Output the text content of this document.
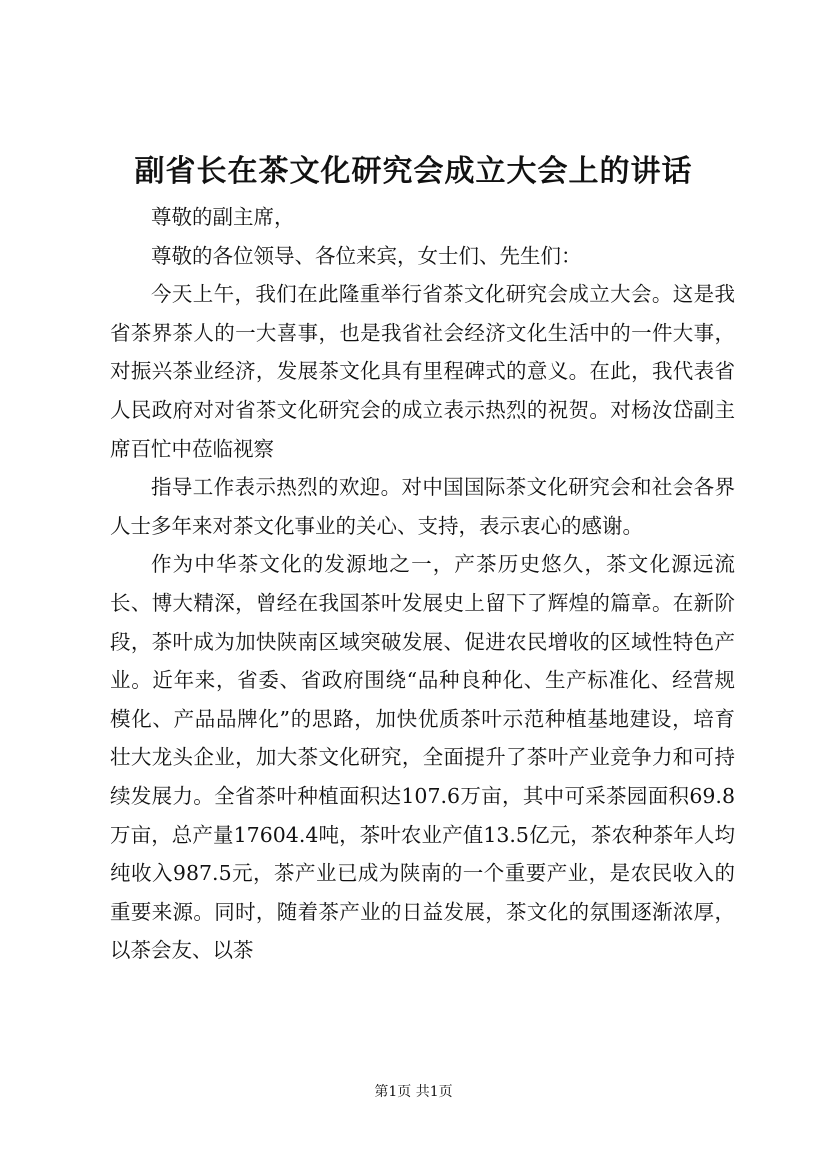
副省长在茶文化研究会成立大会上的讲话

尊敬的副主席，

尊敬的各位领导、各位来宾，女士们、先生们：

今天上午，我们在此隆重举行省茶文化研究会成立大会。这是我省茶界茶人的一大喜事，也是我省社会经济文化生活中的一件大事，对振兴茶业经济，发展茶文化具有里程碑式的意义。在此，我代表省人民政府对对省茶文化研究会的成立表示热烈的祝贺。对杨汝岱副主席百忙中莅临视察

指导工作表示热烈的欢迎。对中国国际茶文化研究会和社会各界人士多年来对茶文化事业的关心、支持，表示衷心的感谢。

作为中华茶文化的发源地之一，产茶历史悠久，茶文化源远流长、博大精深，曾经在我国茶叶发展史上留下了辉煌的篇章。在新阶段，茶叶成为加快陕南区域突破发展、促进农民增收的区域性特色产业。近年来，省委、省政府围绕“品种良种化、生产标准化、经营规模化、产品品牌化”的思路，加快优质茶叶示范种植基地建设，培育壮大龙头企业，加大茶文化研究，全面提升了茶叶产业竞争力和可持续发展力。全省茶叶种植面积达107.6万亩，其中可采茶园面积69.8万亩，总产量17604.4吨，茶叶农业产值13.5亿元，茶农种茶年人均纯收入987.5元，茶产业已成为陕南的一个重要产业，是农民收入的重要来源。同时，随着茶产业的日益发展，茶文化的氛围逐渐浓厚，以茶会友、以茶

第1页 共1页
